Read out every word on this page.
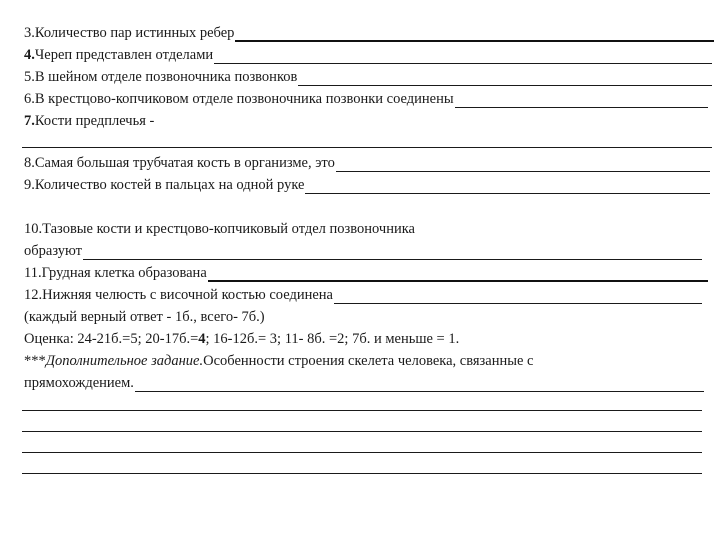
3.Количество пар истинных ребер
4. Череп представлен отделами
5.В шейном отделе позвоночника позвонков
6.В крестцово-копчиковом отделе позвоночника позвонки соединены
7. Кости предплечья -
8.Самая большая трубчатая кость в организме, это
9.Количество костей в пальцах на одной руке
10.Тазовые кости и крестцово-копчиковый отдел позвоночника
образуют
11.Грудная клетка образована
12.Нижняя челюсть с височной костью соединена
(каждый верный ответ - 1б., всего- 7б.)
Оценка: 24-21б.=5; 20-17б.= 4 ; 16-12б.= 3; 11- 8б. =2; 7б. и меньше = 1.
*** Дополнительное задание. Особенности строения скелета человека, связанные с
прямохождением.
